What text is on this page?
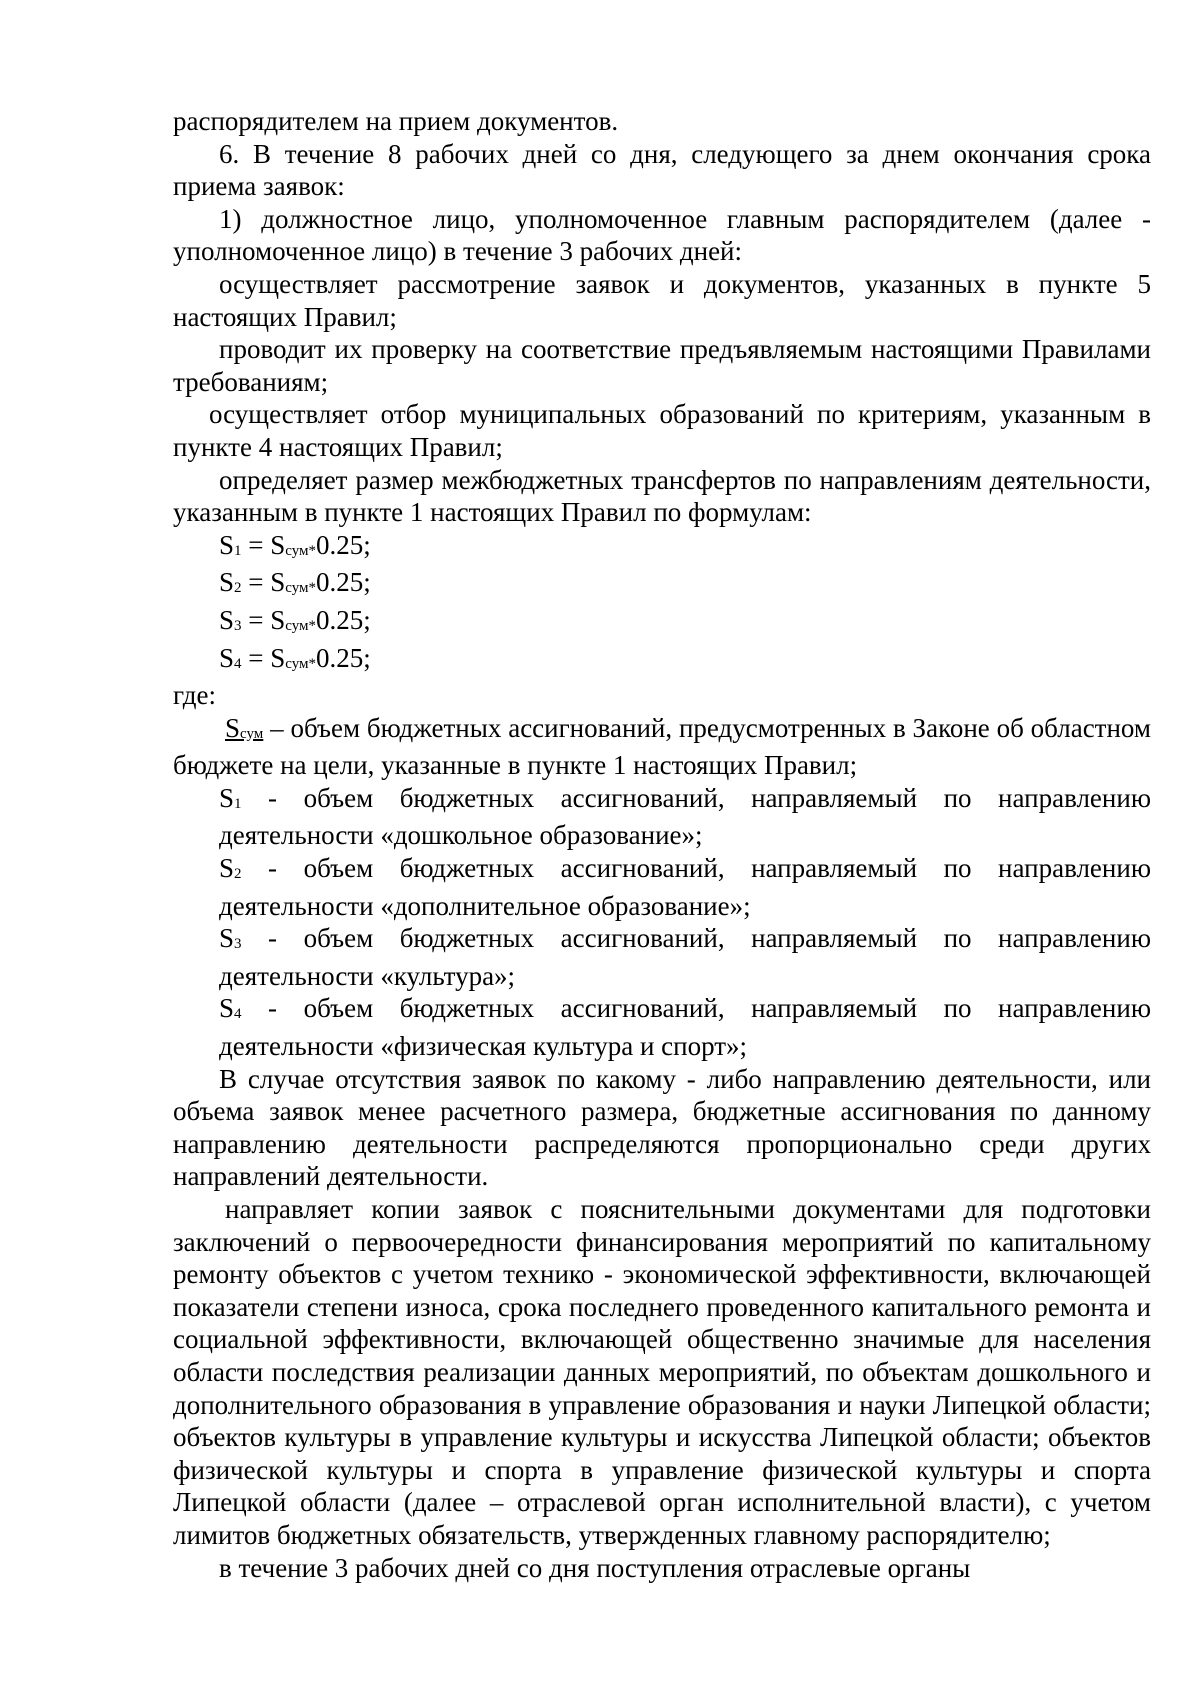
распорядителем на прием документов.

6. В течение 8 рабочих дней со дня, следующего за днем окончания срока приема заявок:

1) должностное лицо, уполномоченное главным распорядителем (далее - уполномоченное лицо) в течение 3 рабочих дней:

осуществляет рассмотрение заявок и документов, указанных в пункте 5 настоящих Правил;

проводит их проверку на соответствие предъявляемым настоящими Правилами требованиям;

осуществляет отбор муниципальных образований по критериям, указанным в пункте 4 настоящих Правил;

определяет размер межбюджетных трансфертов по направлениям деятельности, указанным в пункте 1 настоящих Правил по формулам:

S1 = Sсум*0.25;

S2 = Sсум*0.25;

S3 = Sсум*0.25;

S4 = Sсум*0.25;

где:

Sсум – объем бюджетных ассигнований, предусмотренных в Законе об областном бюджете на цели, указанные в пункте 1 настоящих Правил;

S1 - объем бюджетных ассигнований, направляемый по направлению деятельности «дошкольное образование»;

S2 - объем бюджетных ассигнований, направляемый по направлению деятельности «дополнительное образование»;

S3 - объем бюджетных ассигнований, направляемый по направлению деятельности «культура»;

S4 - объем бюджетных ассигнований, направляемый по направлению деятельности «физическая культура и спорт»;

В случае отсутствия заявок по какому - либо направлению деятельности, или объема заявок менее расчетного размера, бюджетные ассигнования по данному направлению деятельности распределяются пропорционально среди других направлений деятельности.

направляет копии заявок с пояснительными документами для подготовки заключений о первоочередности финансирования мероприятий по капитальному ремонту объектов с учетом технико - экономической эффективности, включающей показатели степени износа, срока последнего проведенного капитального ремонта и социальной эффективности, включающей общественно значимые для населения области последствия реализации данных мероприятий, по объектам дошкольного и дополнительного образования в управление образования и науки Липецкой области; объектов культуры в управление культуры и искусства Липецкой области; объектов физической культуры и спорта в управление физической культуры и спорта Липецкой области (далее – отраслевой орган исполнительной власти), с учетом лимитов бюджетных обязательств, утвержденных главному распорядителю;

в течение 3 рабочих дней со дня поступления отраслевые органы
